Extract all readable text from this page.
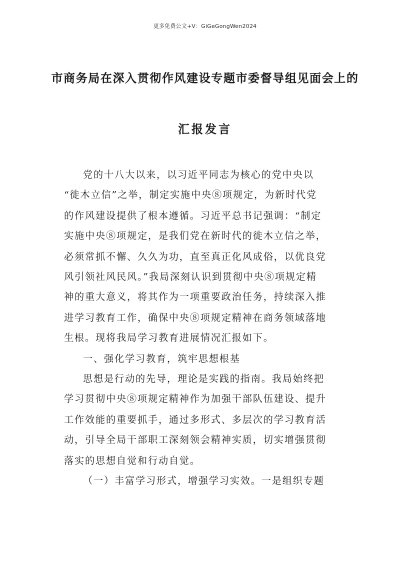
更多免费公文+V：GiGeGongWen2024
市商务局在深入贯彻作风建设专题市委督导组见面会上的
汇报发言
党的十八大以来，以习近平同志为核心的党中央以
“徙木立信”之举，制定实施中央⑧项规定，为新时代党
的作风建设提供了根本遵循。习近平总书记强调：“制定
实施中央⑧项规定，是我们党在新时代的徙木立信之举，
必须常抓不懈、久久为功，直至真正化风成俗，以优良党
风引领社风民风。”我局深刻认识到贯彻中央⑧项规定精
神的重大意义，将其作为一项重要政治任务，持续深入推
进学习教育工作，确保中央⑧项规定精神在商务领域落地
生根。现将我局学习教育进展情况汇报如下。
一、强化学习教育，筑牢思想根基
思想是行动的先导，理论是实践的指南。我局始终把
学习贯彻中央⑧项规定精神作为加强干部队伍建设、提升
工作效能的重要抓手，通过多形式、多层次的学习教育活
动，引导全局干部职工深刻领会精神实质，切实增强贯彻
落实的思想自觉和行动自觉。
（一）丰富学习形式，增强学习实效。一是组织专题
